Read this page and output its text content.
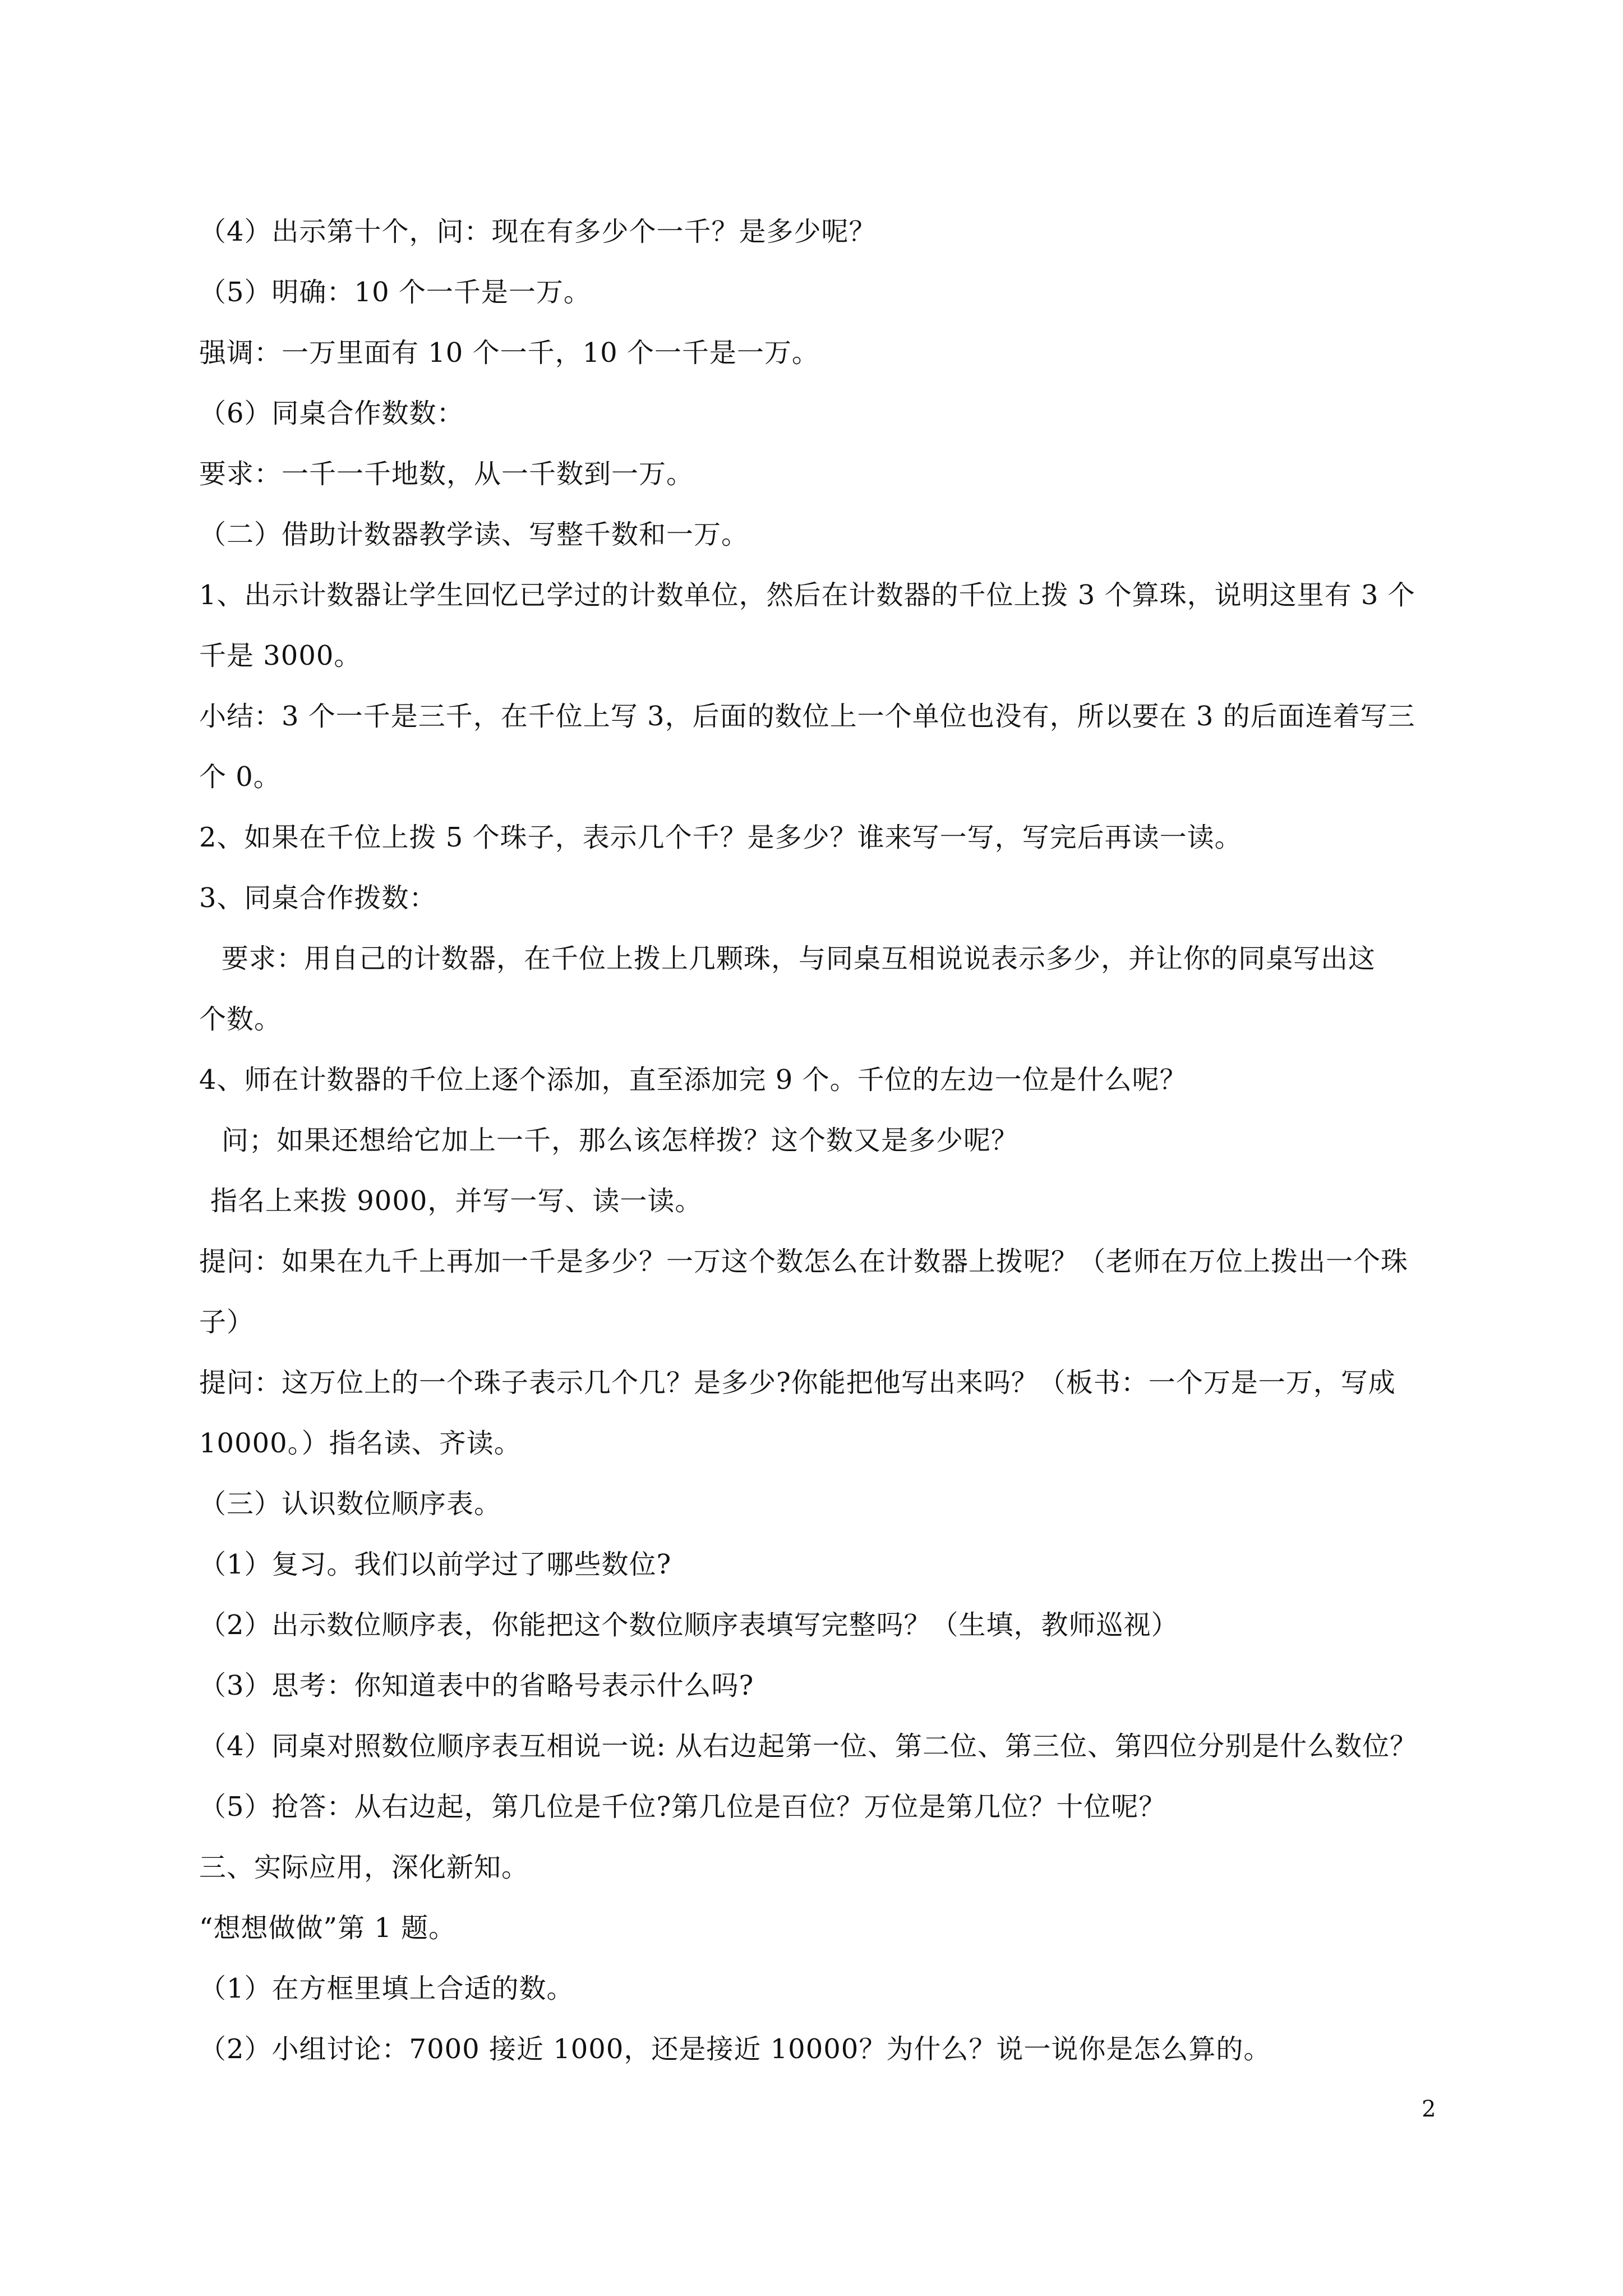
（4）出示第十个，问：现在有多少个一千？是多少呢？
（5）明确：10 个一千是一万。
强调：一万里面有 10 个一千，10 个一千是一万。
（6）同桌合作数数：
要求：一千一千地数，从一千数到一万。
（二）借助计数器教学读、写整千数和一万。
1、出示计数器让学生回忆已学过的计数单位，然后在计数器的千位上拨 3 个算珠，说明这里有 3 个
千是 3000。
小结：3 个一千是三千，在千位上写 3，后面的数位上一个单位也没有，所以要在 3 的后面连着写三
个 0。
2、如果在千位上拨 5 个珠子，表示几个千？是多少？谁来写一写，写完后再读一读。
3、同桌合作拨数：
要求：用自己的计数器，在千位上拨上几颗珠，与同桌互相说说表示多少，并让你的同桌写出这
个数。
4、师在计数器的千位上逐个添加，直至添加完 9 个。千位的左边一位是什么呢？
问；如果还想给它加上一千，那么该怎样拨？这个数又是多少呢？
指名上来拨 9000，并写一写、读一读。
提问：如果在九千上再加一千是多少？一万这个数怎么在计数器上拨呢？（老师在万位上拨出一个珠
子）
提问：这万位上的一个珠子表示几个几？是多少?你能把他写出来吗？（板书：一个万是一万，写成
10000。）指名读、齐读。
（三）认识数位顺序表。
（1）复习。我们以前学过了哪些数位?
（2）出示数位顺序表，你能把这个数位顺序表填写完整吗？（生填，教师巡视）
（3）思考：你知道表中的省略号表示什么吗?
（4）同桌对照数位顺序表互相说一说: 从右边起第一位、第二位、第三位、第四位分别是什么数位？
（5）抢答：从右边起，第几位是千位?第几位是百位？万位是第几位？十位呢？
三、实际应用，深化新知。
“想想做做”第 1 题。
（1）在方框里填上合适的数。
（2）小组讨论：7000 接近 1000，还是接近 10000？为什么？说一说你是怎么算的。
2
